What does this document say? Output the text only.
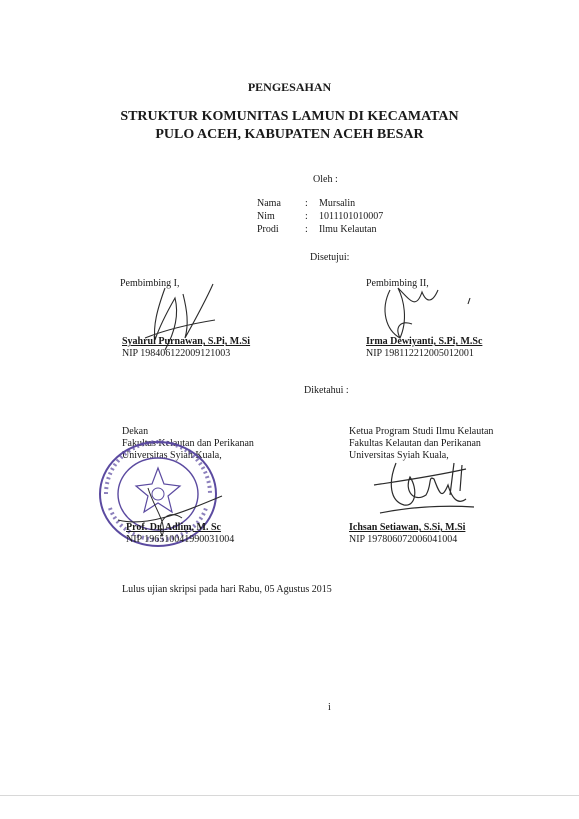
PENGESAHAN
STRUKTUR KOMUNITAS LAMUN DI KECAMATAN
PULO ACEH, KABUPATEN ACEH BESAR
Oleh :
Nama : Mursalin
Nim	: 1011101010007
Prodi	: Ilmu Kelautan
Disetujui:
Pembimbing I,
Syahrul Purnawan, S.Pi, M.Si
NIP 198406122009121003
Pembimbing II,
Irma Dewiyanti, S.Pi, M.Sc
NIP 198112212005012001
Diketahui :
Dekan
Fakultas Kelautan dan Perikanan
Universitas Syiah Kuala,
Prof. Dr. Adlim, M. Sc
NIP 196510041990031004
Ketua Program Studi Ilmu Kelautan
Fakultas Kelautan dan Perikanan
Universitas Syiah Kuala,
Ichsan Setiawan, S.Si, M.Si
NIP 197806072006041004
Lulus ujian skripsi pada hari Rabu, 05 Agustus 2015
i
